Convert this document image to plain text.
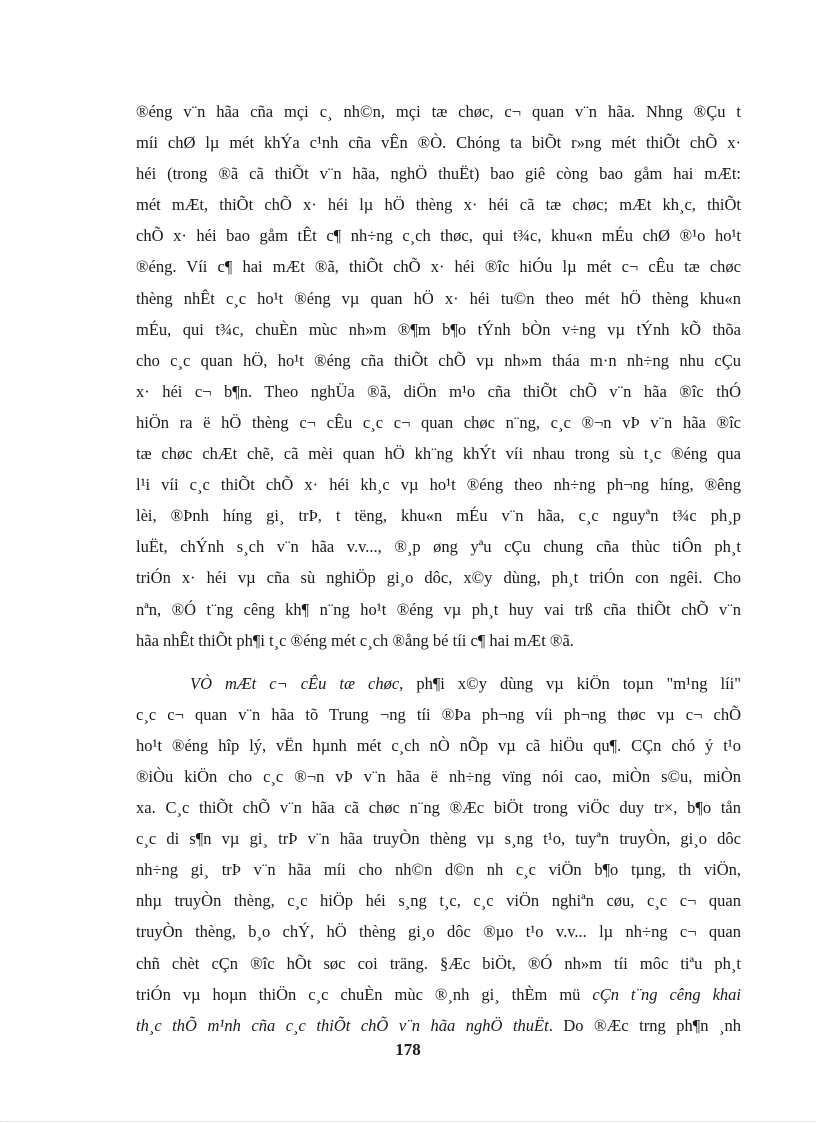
®éng v¨n hãa cña mçi c¸ nh©n, mçi tæ chøc, c¬ quan v¨n hãa. Nhng ®Çu t
míi chØ lµ mét khÝa c¹nh cña vÊn ®Ò. Chóng ta biÕt r»ng mét thiÕt chÕ x·
héi (trong ®ã cã thiÕt v¨n hãa, nghÖ thuËt) bao giê còng bao gåm hai mÆt:
mét mÆt, thiÕt chÕ x· héi lµ hÖ thèng x· héi cã tæ chøc; mÆt kh¸c, thiÕt
chÕ x· héi bao gåm tÊt c¶ nh÷ng c¸ch thøc, qui t¾c, khu«n mÉu chØ ®¹o ho¹t
®éng. Víi c¶ hai mÆt ®ã, thiÕt chÕ x· héi ®îc hiÓu lµ mét c¬ cÊu tæ chøc
thèng nhÊt c¸c ho¹t ®éng vµ quan hÖ x· héi tu©n theo mét hÖ thèng khu«n
mÉu, qui t¾c, chuÈn mùc nh»m ®¶m b¶o tÝnh bÒn v÷ng vµ tÝnh kÕ thõa
cho c¸c quan hÖ, ho¹t ®éng cña thiÕt chÕ vµ nh»m tháa m·n nh÷ng nhu cÇu
x· héi c¬ b¶n. Theo nghÜa ®ã, diÖn m¹o cña thiÕt chÕ v¨n hãa ®îc thÓ
hiÖn ra ë hÖ thèng c¬ cÊu c¸c c¬ quan chøc n¨ng, c¸c ®¬n vÞ v¨n hãa ®îc
tæ chøc chÆt chẽ, cã mèi quan hÖ kh¨ng khÝt víi nhau trong sù t¸c ®éng qua
l¹i víi c¸c thiÕt chÕ x· héi kh¸c vµ ho¹t ®éng theo nh÷ng ph¬ng híng, ®êng
lèi, ®Þnh híng gi¸ trÞ, t tëng, khu«n mÉu v¨n hãa, c¸c nguyªn t¾c ph¸p
luËt, chÝnh s¸ch v¨n hãa v.v..., ®¸p øng yªu cÇu chung cña thùc tiÔn ph¸t
triÓn x· héi vµ cña sù nghiÖp gi¸o dôc, x©y dùng, ph¸t triÓn con ngêi. Cho
nªn, ®Ó t¨ng cêng kh¶ n¨ng ho¹t ®éng vµ ph¸t huy vai trß cña thiÕt chÕ v¨n
hãa nhÊt thiÕt ph¶i t¸c ®éng mét c¸ch ®ång bé tíi c¶ hai mÆt ®ã.
VÒ mÆt c¬ cÊu tæ chøc, ph¶i x©y dùng vµ kiÖn toµn "m¹ng líi"
c¸c c¬ quan v¨n hãa tõ Trung ¬ng tíi ®Þa ph¬ng víi ph¬ng thøc vµ c¬ chÕ
ho¹t ®éng hîp lý, vËn hµnh mét c¸ch nÒ nÕp vµ cã hiÖu qu¶. CÇn chó ý t¹o
®iÒu kiÖn cho c¸c ®¬n vÞ v¨n hãa ë nh÷ng vïng nói cao, miÒn s©u, miÒn
xa. C¸c thiÕt chÕ v¨n hãa cã chøc n¨ng ®Æc biÖt trong viÖc duy tr×, b¶o tån
c¸c di s¶n vµ gi¸ trÞ v¨n hãa truyÒn thèng vµ s¸ng t¹o, tuyªn truyÒn, gi¸o dôc
nh÷ng gi¸ trÞ v¨n hãa míi cho nh©n d©n nh c¸c viÖn b¶o tµng, th viÖn,
nhµ truyÒn thèng, c¸c hiÖp héi s¸ng t¸c, c¸c viÖn nghiªn cøu, c¸c c¬ quan
truyÒn thèng, b¸o chÝ, hÖ thèng gi¸o dôc ®µo t¹o v.v... lµ nh÷ng c¬ quan
chñ chèt cÇn ®îc hÕt søc coi träng. §Æc biÖt, ®Ó nh»m tíi môc tiªu ph¸t
triÓn vµ hoµn thiÖn c¸c chuÈn mùc ®¸nh gi¸ thÈm mü cÇn t¨ng cêng khai
th¸c thÕ m¹nh cña c¸c thiÕt chÕ v¨n hãa nghÖ thuËt. Do ®Æc trng ph¶n ¸nh
178
